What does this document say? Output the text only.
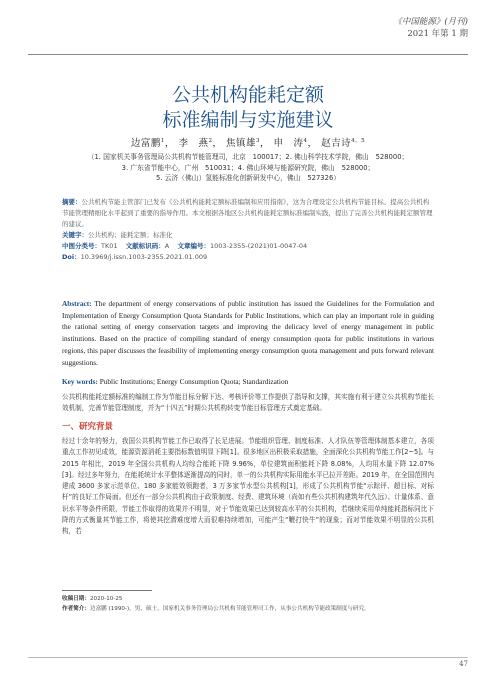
《中国能源》(月刊)
2021 年第 1 期
公共机构能耗定额
标准编制与实施建议
边富鹏$^1$， 李　燕$^2$， 焦镇雄$^3$， 申　涛$^4$， 赵吉诗$^{4,5}$
（1. 国家机关事务管理局公共机构节能管理司，北京　100017；2. 佛山科学技术学院，佛山　528000；
3. 广东省节能中心，广州　510031；4. 佛山环境与能源研究院，佛山　528000；
5. 云济（佛山）氢能标准化创新研发中心，佛山　527326）
摘要：公共机构节能主管部门已发布《公共机构能耗定额标准编制和应用指南》，这为合理设定公共机构节能目标、提高公共机构节能管理精细化水平起到了重要的指导作用。本文根据各地区公共机构能耗定额标准编制实践，提出了完善公共机构能耗定额管理的建议。
关键字：公共机构；能耗定额；标准化
中图分类号：TK01 文献标识码：A 文章编号：1003-2355-(2021)01-0047-04
Doi：10.3969/j.issn.1003-2355.2021.01.009
Abstract: The department of energy conservations of public institution has issued the Guidelines for the Formulation and Implementation of Energy Consumption Quota Standards for Public Institutions, which can play an important role in guiding the rational setting of energy conservation targets and improving the delicacy level of energy management in public institutions. Based on the practice of compiling standard of energy consumption quota for public institutions in various regions, this paper discusses the feasibility of implementing energy consumption quota management and puts forward relevant suggestions.
Key words: Public Institutions; Energy Consumption Quota; Standardization
公共机构能耗定额标准的编制工作为节能目标分解下达、考核评价等工作提供了指导和支撑，其实施有利于建立公共机构节能长效机制，完善节能管理制度，并为“十四五”时期公共机构转变节能目标管理方式奠定基础。
一、研究背景
经过十余年的努力，我国公共机构节能工作已取得了长足进展。节能组织管理、制度标准、人才队伍等管理体制基本建立，各项重点工作初见成效，能源资源消耗主要指标数值明显下降[1]。很多地区出积极采取措施，全面深化公共机构节能工作[2~5]。与 2015 年相比，2019 年全国公共机构人均综合能耗下降 9.96%，单位建筑面积能耗下降 8.08%，人均用水量下降 12.07%[3]。经过多年努力，在能耗统计水平整体逐渐提高的同时，单一的公共机构实际用能水平已拉开差距。2019 年，在全国范围内建成 3600 多家示范单位、180 多家能效领跑者，3 万多家节水型公共机构[1]，形成了公共机构节能“示踪评、超目标、对标杆”的良好工作局面。但还有一部分公共机构由于政策制度、经费、建筑环境（尚如有些公共机构建筑年代久远）、计量体系、意识水平等条件所限，节能工作取得的效果并不明显，对于节能效果已达到较高水平的公共机构，若继续采用单纯能耗指标同比下降的方式衡量其节能工作，将使其挖潜难度增大而很难持续增加，可能产生“鞭打快牛”的现象；而对节能效果不明显的公共机构，若
收稿日期：2020-10-25
作者简介：边富鹏 (1990-)，男，硕士，国家机关事务管理局公共机构节能管理司工作，从事公共机构节能政策制度与研究。
47
